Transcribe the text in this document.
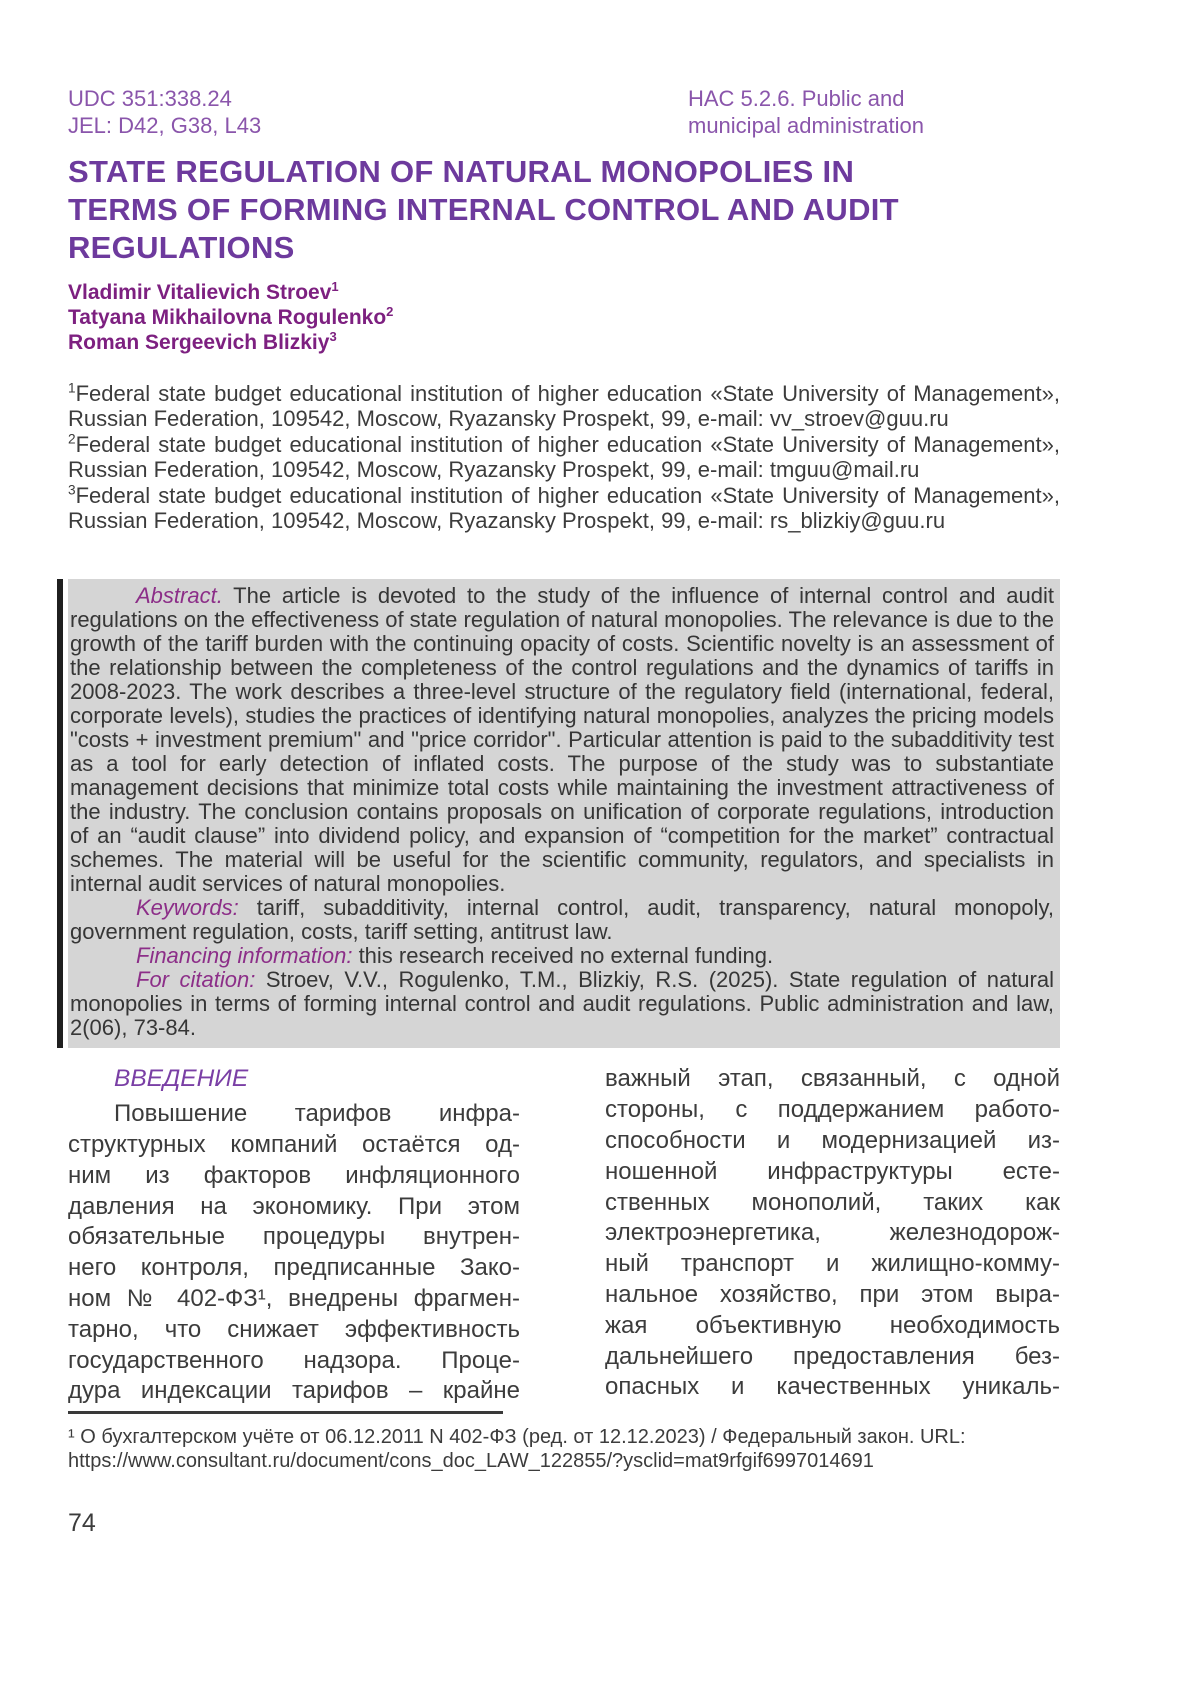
UDC 351:338.24
JEL: D42, G38, L43
HAC 5.2.6. Public and
municipal administration
STATE REGULATION OF NATURAL MONOPOLIES IN
TERMS OF FORMING INTERNAL CONTROL AND AUDIT
REGULATIONS
Vladimir Vitalievich Stroev$^1$
Tatyana Mikhailovna Rogulenko$^2$
Roman Sergeevich Blizkiy$^3$

$^1$Federal state budget educational institution of higher education «State University of Management», Russian Federation, 109542, Moscow, Ryazansky Prospekt, 99, e-mail: vv_stroev@guu.ru

$^2$Federal state budget educational institution of higher education «State University of Management», Russian Federation, 109542, Moscow, Ryazansky Prospekt, 99, e-mail: tmguu@mail.ru

$^3$Federal state budget educational institution of higher education «State University of Management», Russian Federation, 109542, Moscow, Ryazansky Prospekt, 99, e-mail: rs_blizkiy@guu.ru

Abstract. The article is devoted to the study of the influence of internal control and audit regulations on the effectiveness of state regulation of natural monopolies. The relevance is due to the growth of the tariff burden with the continuing opacity of costs. Scientific novelty is an assessment of the relationship between the completeness of the control regulations and the dynamics of tariffs in 2008-2023. The work describes a three-level structure of the regulatory field (international, federal, corporate levels), studies the practices of identifying natural monopolies, analyzes the pricing models "costs + investment premium" and "price corridor". Particular attention is paid to the subadditivity test as a tool for early detection of inflated costs. The purpose of the study was to substantiate management decisions that minimize total costs while maintaining the investment attractiveness of the industry. The conclusion contains proposals on unification of corporate regulations, introduction of an “audit clause” into dividend policy, and expansion of “competition for the market” contractual schemes. The material will be useful for the scientific community, regulators, and specialists in internal audit services of natural monopolies.

Keywords: tariff, subadditivity, internal control, audit, transparency, natural monopoly, government regulation, costs, tariff setting, antitrust law.

Financing information: this research received no external funding.

For citation: Stroev, V.V., Rogulenko, T.M., Blizkiy, R.S. (2025). State regulation of natural monopolies in terms of forming internal control and audit regulations. Public administration and law, 2(06), 73-84.

ВВЕДЕНИЕ
Повышение тарифов инфра-
структурных компаний остаётся од-
ним из факторов инфляционного
давления на экономику. При этом
обязательные процедуры внутрен-
него контроля, предписанные Зако-
ном № 402-ФЗ¹, внедрены фрагмен-
тарно, что снижает эффективность
государственного надзора. Проце-
дура индексации тарифов – крайне
важный этап, связанный, с одной
стороны, с поддержанием работо-
способности и модернизацией из-
ношенной инфраструктуры есте-
ственных монополий, таких как
электроэнергетика, железнодорож-
ный транспорт и жилищно-комму-
нальное хозяйство, при этом выра-
жая объективную необходимость
дальнейшего предоставления без-
опасных и качественных уникаль-
¹ О бухгалтерском учёте от 06.12.2011 N 402-ФЗ (ред. от 12.12.2023) / Федеральный закон. URL: https://www.consultant.ru/document/cons_doc_LAW_122855/?ysclid=mat9rfgif6997014691
74
